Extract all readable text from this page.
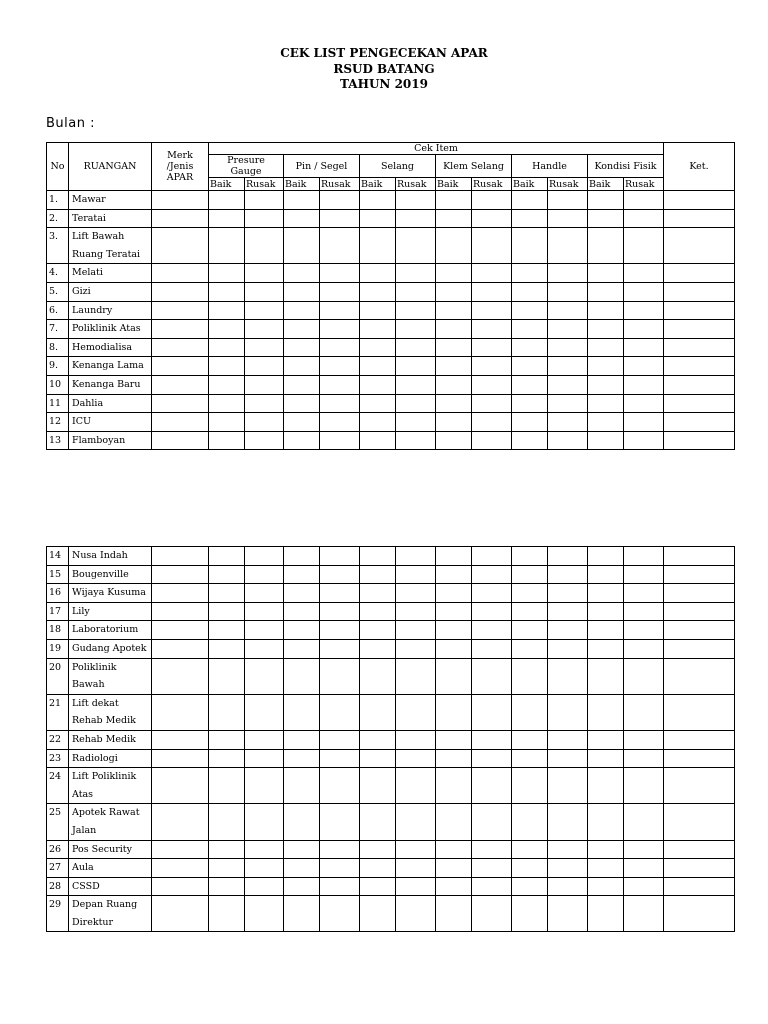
CEK LIST PENGECEKAN APAR
RSUD BATANG
TAHUN 2019
Bulan :
No	RUANGAN	Merk /Jenis APAR	Cek Item												Ket.
			Presure Gauge		Pin / Segel		Selang		Klem Selang		Handle		Kondisi Fisik		
			Baik	Rusak	Baik	Rusak	Baik	Rusak	Baik	Rusak	Baik	Rusak	Baik	Rusak	
1.	Mawar														
2.	Teratai														
3.	Lift Bawah Ruang Teratai														
4.	Melati														
5.	Gizi														
6.	Laundry														
7.	Poliklinik Atas														
8.	Hemodialisa														
9.	Kenanga Lama														
10	Kenanga Baru														
11	Dahlia														
12	ICU														
13	Flamboyan														
14	Nusa Indah														
15	Bougenville														
16	Wijaya Kusuma														
17	Lily														
18	Laboratorium														
19	Gudang Apotek														
20	Poliklinik Bawah														
21	Lift dekat Rehab Medik														
22	Rehab Medik														
23	Radiologi														
24	Lift Poliklinik Atas														
25	Apotek Rawat Jalan														
26	Pos Security														
27	Aula														
28	CSSD														
29	Depan Ruang Direktur														
